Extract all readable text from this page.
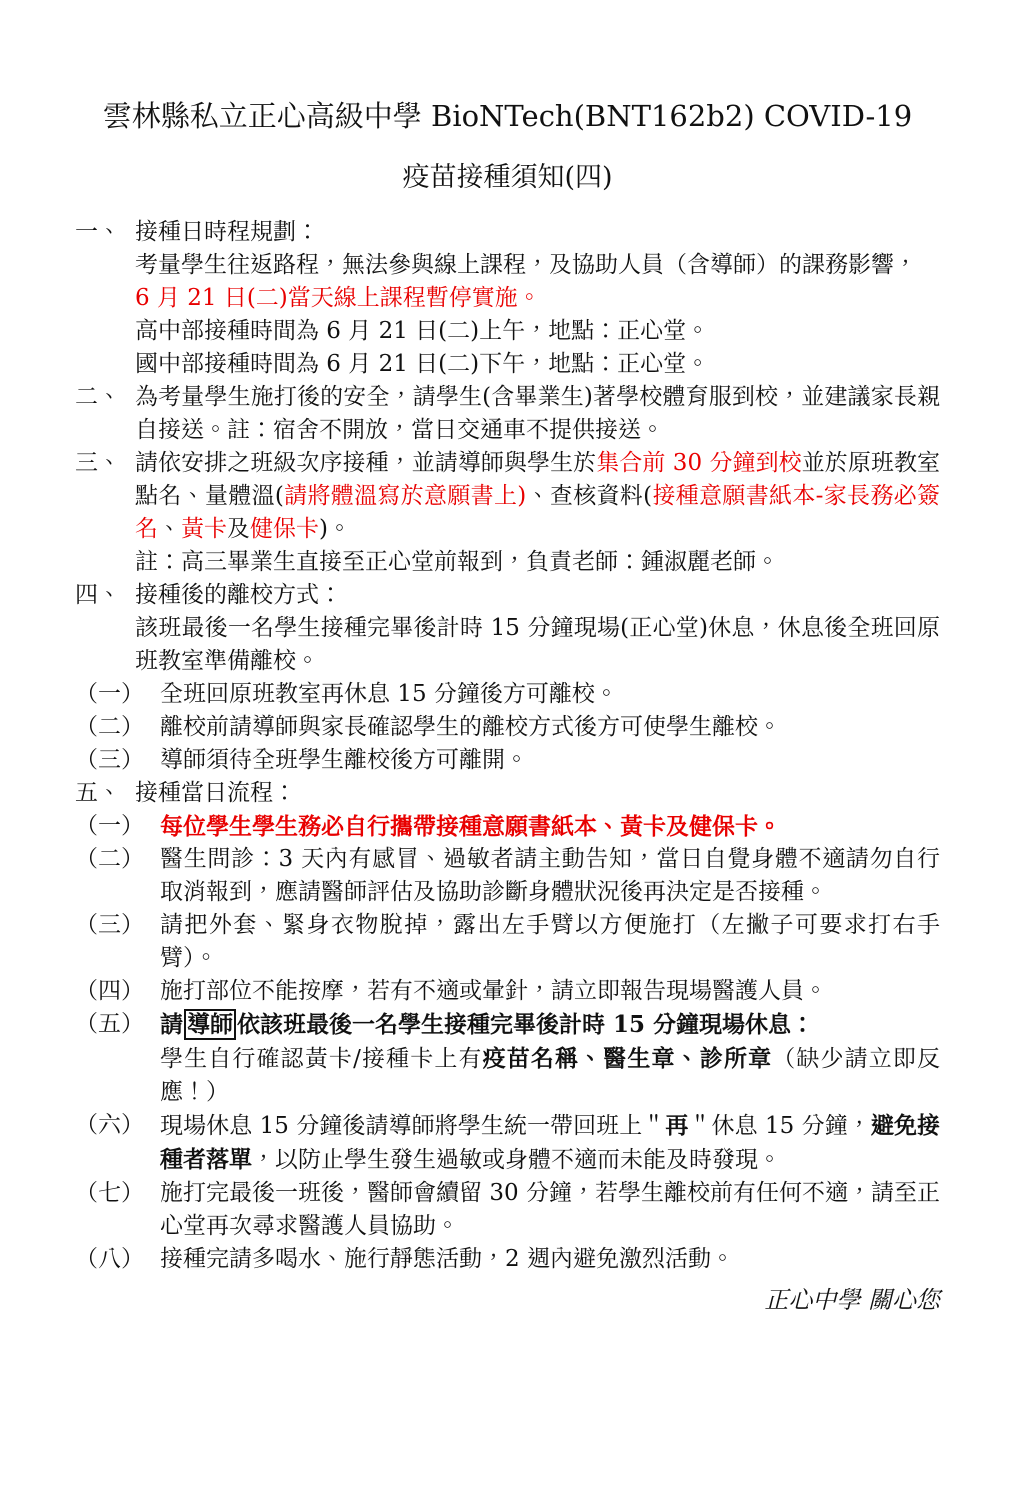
雲林縣私立正心高級中學 BioNTech(BNT162b2) COVID-19
疫苗接種須知(四)
一、 接種日時程規劃：
考量學生往返路程，無法參與線上課程，及協助人員（含導師）的課務影響，
6 月 21 日(二)當天線上課程暫停實施。
高中部接種時間為 6 月 21 日(二)上午，地點：正心堂。
國中部接種時間為 6 月 21 日(二)下午，地點：正心堂。
二、 為考量學生施打後的安全，請學生(含畢業生)著學校體育服到校，並建議家長親自接送。註：宿舍不開放，當日交通車不提供接送。

三、 請依安排之班級次序接種，並請導師與學生於集合前 30 分鐘到校並於原班教室點名、量體溫(請將體溫寫於意願書上)、查核資料(接種意願書紙本-家長務必簽名、黃卡及健保卡)。

註：高三畢業生直接至正心堂前報到，負責老師：鍾淑麗老師。
四、 接種後的離校方式：

該班最後一名學生接種完畢後計時 15 分鐘現場(正心堂)休息，休息後全班回原班教室準備離校。

（一） 全班回原班教室再休息 15 分鐘後方可離校。

（二） 離校前請導師與家長確認學生的離校方式後方可使學生離校。

（三） 導師須待全班學生離校後方可離開。

五、 接種當日流程：
（一） 每位學生學生務必自行攜帶接種意願書紙本、黃卡及健保卡。

（二） 醫生問診：3 天內有感冒、過敏者請主動告知，當日自覺身體不適請勿自行取消報到，應請醫師評估及協助診斷身體狀況後再決定是否接種。

（三） 請把外套、緊身衣物脫掉，露出左手臂以方便施打（左撇子可要求打右手臂）。

（四） 施打部位不能按摩，若有不適或暈針，請立即報告現場醫護人員。

（五） 請 導師 依該班最後一名學生接種完畢後計時 15 分鐘現場休息：

學生自行確認黃卡/接種卡上有疫苗名稱、醫生章、診所章（缺少請立即反應！）

（六） 現場休息 15 分鐘後請導師將學生統一帶回班上＂再＂休息 15 分鐘，避免接種者落單，以防止學生發生過敏或身體不適而未能及時發現。

（七） 施打完最後一班後，醫師會續留 30 分鐘，若學生離校前有任何不適，請至正心堂再次尋求醫護人員協助。

（八） 接種完請多喝水、施行靜態活動，2 週內避免激烈活動。

正心中學 關心您
